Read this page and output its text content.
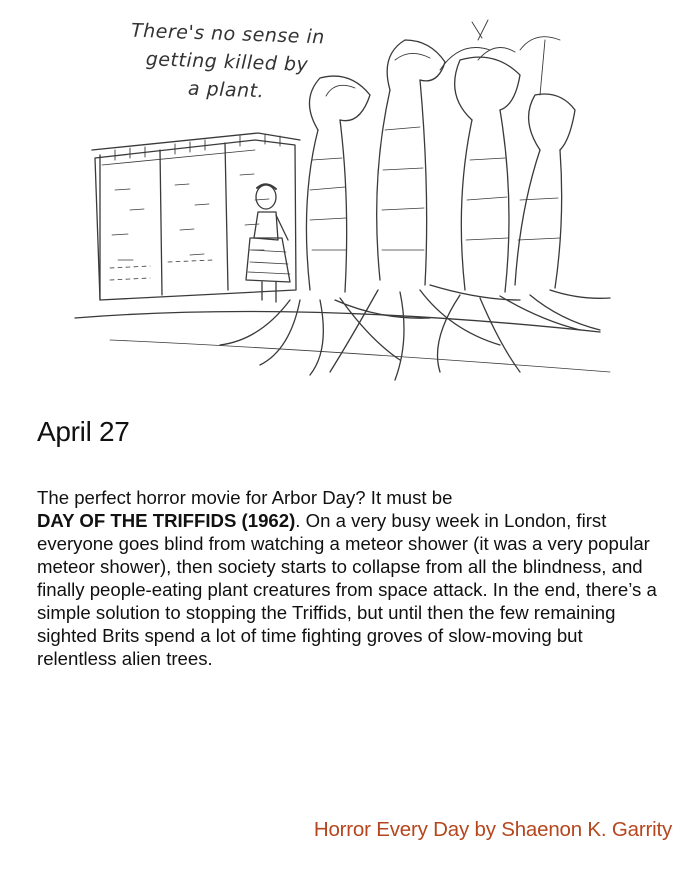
There's no sense in
getting killed by
a plant.
April 27

The perfect horror movie for Arbor Day? It must be
DAY OF THE TRIFFIDS (1962). On a very busy week in London, first everyone goes blind from watching a meteor shower (it was a very popular meteor shower), then society starts to collapse from all the blindness, and finally people-eating plant creatures from space attack. In the end, there’s a simple solution to stopping the Triffids, but until then the few remaining sighted Brits spend a lot of time fighting groves of slow-moving but relentless alien trees.

Horror Every Day by Shaenon K. Garrity
